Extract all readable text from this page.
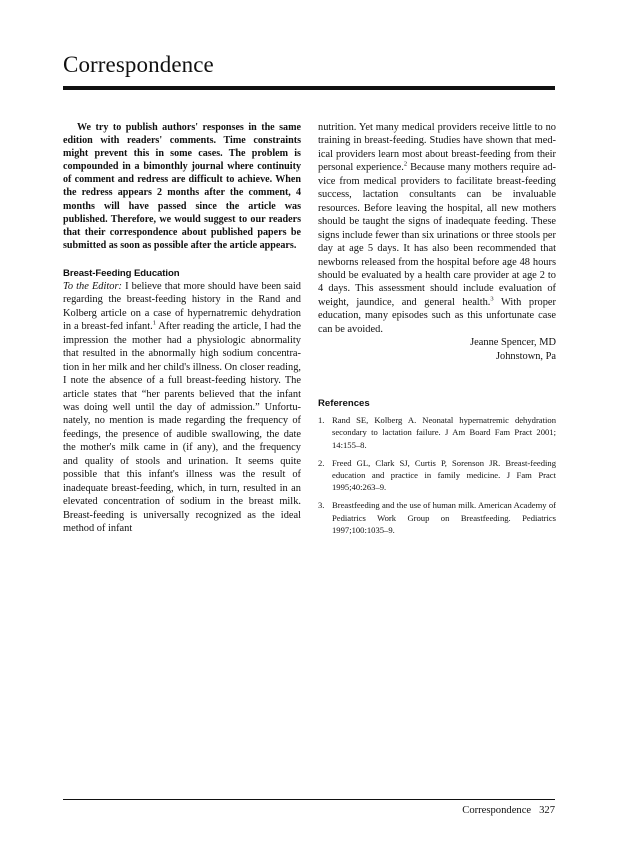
Correspondence

We try to publish authors' responses in the same edition with readers' comments. Time constraints might prevent this in some cases. The problem is compounded in a bimonthly journal where continuity of comment and redress are difficult to achieve. When the redress appears 2 months after the comment, 4 months will have passed since the article was published. Therefore, we would suggest to our readers that their correspondence about published papers be submitted as soon as possible after the article appears.

Breast-Feeding Education

To the Editor: I believe that more should have been said regarding the breast-feeding history in the Rand and Kolberg article on a case of hypernatremic dehydration in a breast-fed infant.$^1$ After reading the article, I had the impression the mother had a physiologic abnormality that resulted in the abnormally high sodium concentration in her milk and her child's illness. On closer reading, I note the absence of a full breast-feeding history. The article states that “her parents believed that the infant was doing well until the day of admission.” Unfortunately, no mention is made regarding the frequency of feedings, the presence of audible swallowing, the date the mother's milk came in (if any), and the frequency and quality of stools and urination. It seems quite possible that this infant's illness was the result of inadequate breast-feeding, which, in turn, resulted in an elevated concentration of sodium in the breast milk. Breast-feeding is universally recognized as the ideal method of infant

nutrition. Yet many medical providers receive little to no training in breast-feeding. Studies have shown that medical providers learn most about breast-feeding from their personal experience.$^2$ Because many mothers require advice from medical providers to facilitate breast-feeding success, lactation consultants can be invaluable resources. Before leaving the hospital, all new mothers should be taught the signs of inadequate feeding. These signs include fewer than six urinations or three stools per day at age 5 days. It has also been recommended that newborns released from the hospital before age 48 hours should be evaluated by a health care provider at age 2 to 4 days. This assessment should include evaluation of weight, jaundice, and general health.$^3$ With proper education, many episodes such as this unfortunate case can be avoided.

Jeanne Spencer, MD

Johnstown, Pa

References
1. Rand SE, Kolberg A. Neonatal hypernatremic dehydration secondary to lactation failure. J Am Board Fam Pract 2001; 14:155–8.
2. Freed GL, Clark SJ, Curtis P, Sorenson JR. Breast-feeding education and practice in family medicine. J Fam Pract 1995;40:263–9.
3. Breastfeeding and the use of human milk. American Academy of Pediatrics Work Group on Breastfeeding. Pediatrics 1997;100:1035–9.
Correspondence 327
